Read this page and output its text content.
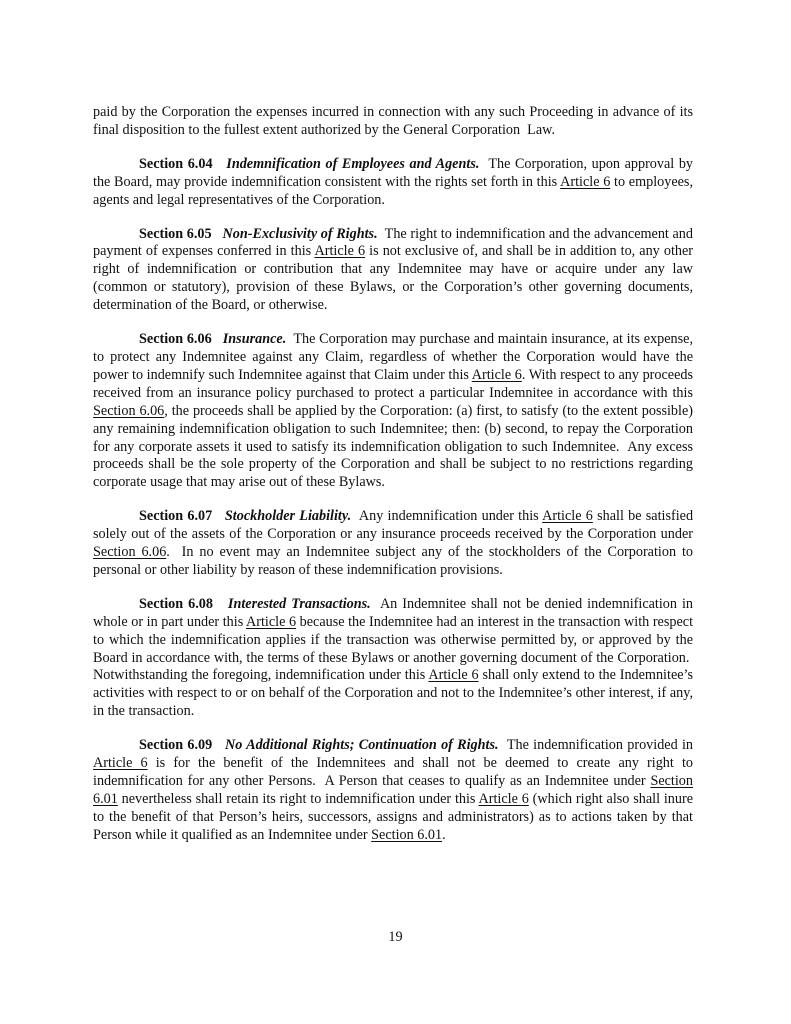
paid by the Corporation the expenses incurred in connection with any such Proceeding in advance of its final disposition to the fullest extent authorized by the General Corporation  Law.

Section 6.04 Indemnification of Employees and Agents. The Corporation, upon approval by the Board, may provide indemnification consistent with the rights set forth in this Article 6 to employees, agents and legal representatives of the Corporation.

Section 6.05 Non-Exclusivity of Rights. The right to indemnification and the advancement and payment of expenses conferred in this Article 6 is not exclusive of, and shall be in addition to, any other right of indemnification or contribution that any Indemnitee may have or acquire under any law (common or statutory), provision of these Bylaws, or the Corporation’s other governing documents, determination of the Board, or otherwise.

Section 6.06 Insurance. The Corporation may purchase and maintain insurance, at its expense, to protect any Indemnitee against any Claim, regardless of whether the Corporation would have the power to indemnify such Indemnitee against that Claim under this Article 6. With respect to any proceeds received from an insurance policy purchased to protect a particular Indemnitee in accordance with this Section 6.06, the proceeds shall be applied by the Corporation: (a) first, to satisfy (to the extent possible) any remaining indemnification obligation to such Indemnitee; then: (b) second, to repay the Corporation for any corporate assets it used to satisfy its indemnification obligation to such Indemnitee.  Any excess proceeds shall be the sole property of the Corporation and shall be subject to no restrictions regarding corporate usage that may arise out of these Bylaws.

Section 6.07 Stockholder Liability. Any indemnification under this Article 6 shall be satisfied solely out of the assets of the Corporation or any insurance proceeds received by the Corporation under Section 6.06.  In no event may an Indemnitee subject any of the stockholders of the Corporation to personal or other liability by reason of these indemnification provisions.

Section 6.08 Interested Transactions. An Indemnitee shall not be denied indemnification in whole or in part under this Article 6 because the Indemnitee had an interest in the transaction with respect to which the indemnification applies if the transaction was otherwise permitted by, or approved by the Board in accordance with, the terms of these Bylaws or another governing document of the Corporation.  Notwithstanding the foregoing, indemnification under this Article 6 shall only extend to the Indemnitee’s activities with respect to or on behalf of the Corporation and not to the Indemnitee’s other interest, if any, in the transaction.

Section 6.09 No Additional Rights; Continuation of Rights. The indemnification provided in Article 6 is for the benefit of the Indemnitees and shall not be deemed to create any right to indemnification for any other Persons.  A Person that ceases to qualify as an Indemnitee under Section 6.01 nevertheless shall retain its right to indemnification under this Article 6 (which right also shall inure to the benefit of that Person’s heirs, successors, assigns and administrators) as to actions taken by that Person while it qualified as an Indemnitee under Section 6.01.

19
